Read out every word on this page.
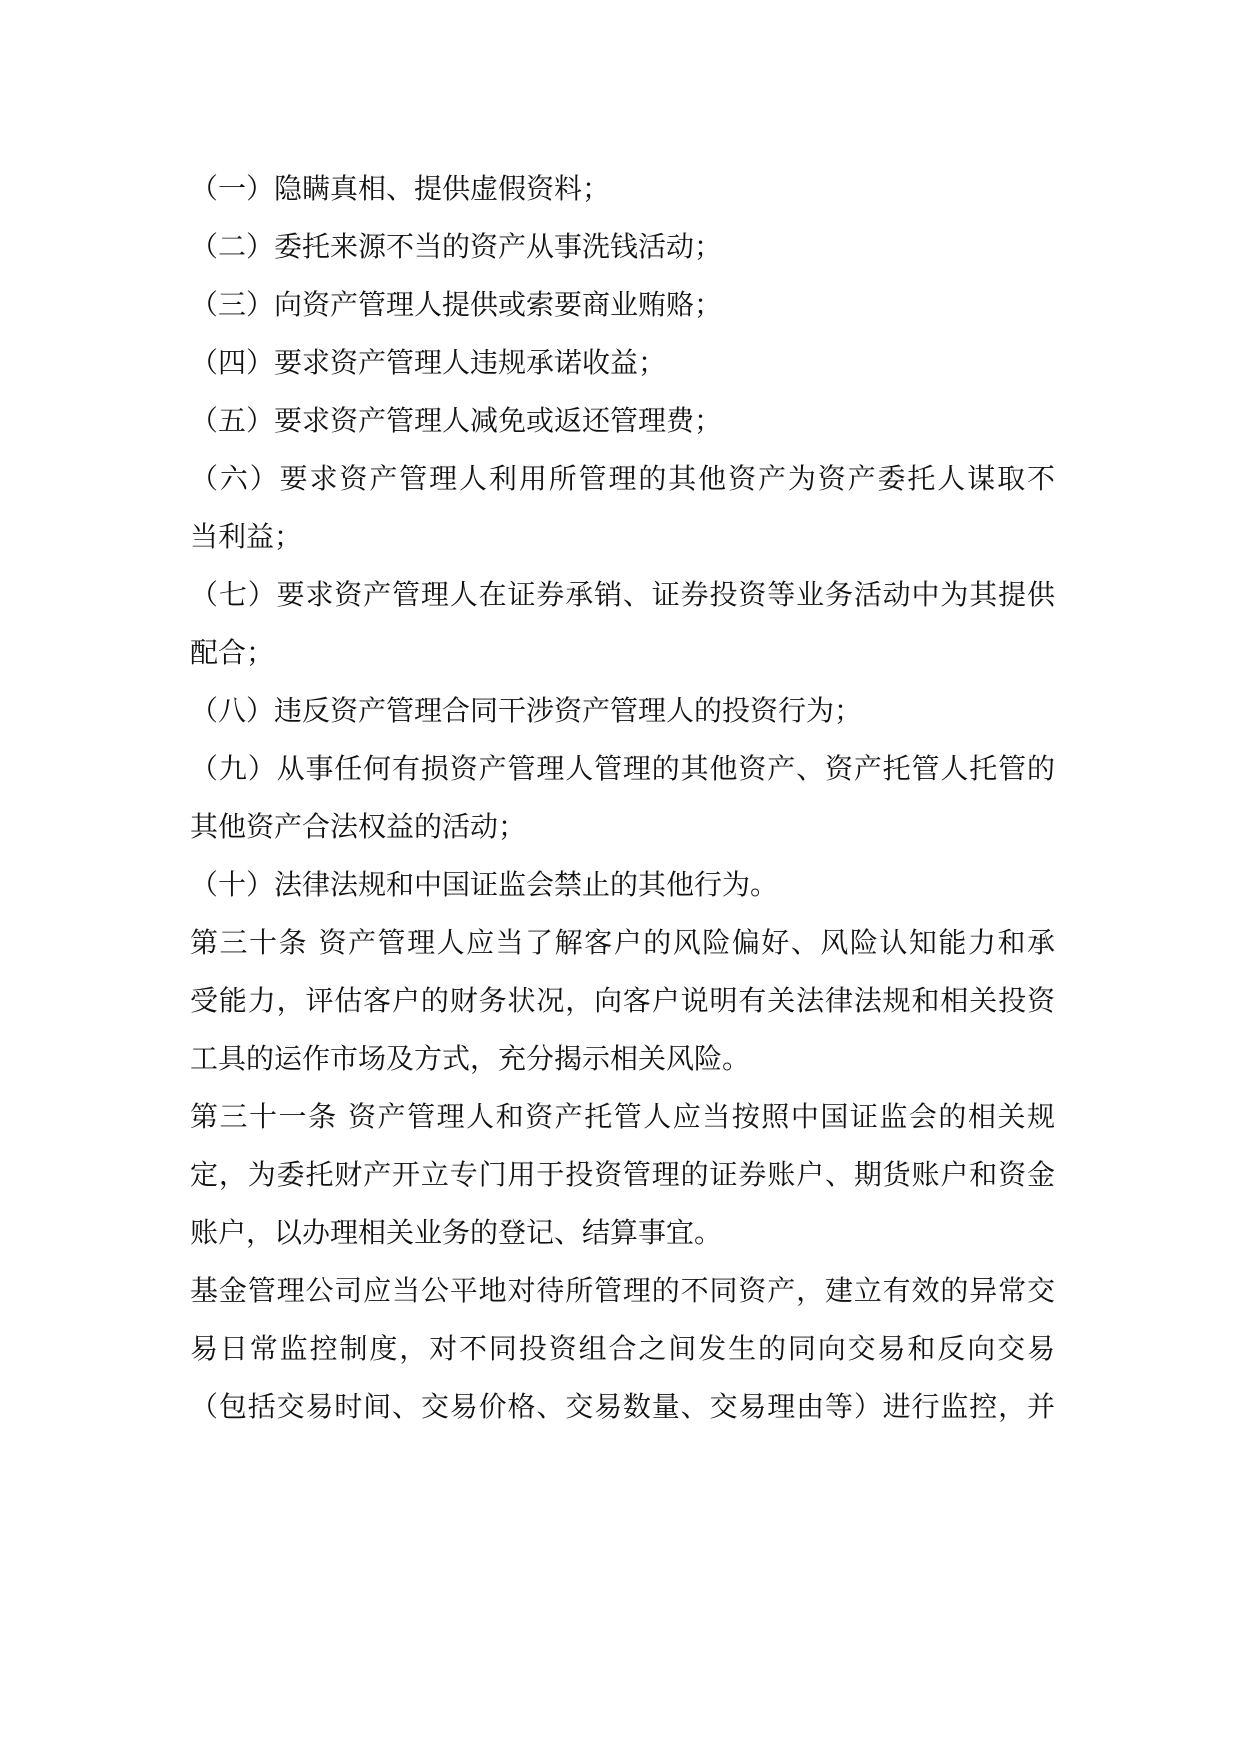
（一）隐瞒真相、提供虚假资料；
（二）委托来源不当的资产从事洗钱活动；
（三）向资产管理人提供或索要商业贿赂；
（四）要求资产管理人违规承诺收益；
（五）要求资产管理人减免或返还管理费；
（六）要求资产管理人利用所管理的其他资产为资产委托人谋取不
当利益；
（七）要求资产管理人在证券承销、证券投资等业务活动中为其提供
配合；
（八）违反资产管理合同干涉资产管理人的投资行为；
（九）从事任何有损资产管理人管理的其他资产、资产托管人托管的
其他资产合法权益的活动；
（十）法律法规和中国证监会禁止的其他行为。
第三十条 资产管理人应当了解客户的风险偏好、风险认知能力和承
受能力，评估客户的财务状况，向客户说明有关法律法规和相关投资
工具的运作市场及方式，充分揭示相关风险。
第三十一条 资产管理人和资产托管人应当按照中国证监会的相关规
定，为委托财产开立专门用于投资管理的证券账户、期货账户和资金
账户，以办理相关业务的登记、结算事宜。
基金管理公司应当公平地对待所管理的不同资产，建立有效的异常交
易日常监控制度，对不同投资组合之间发生的同向交易和反向交易
（包括交易时间、交易价格、交易数量、交易理由等）进行监控，并
